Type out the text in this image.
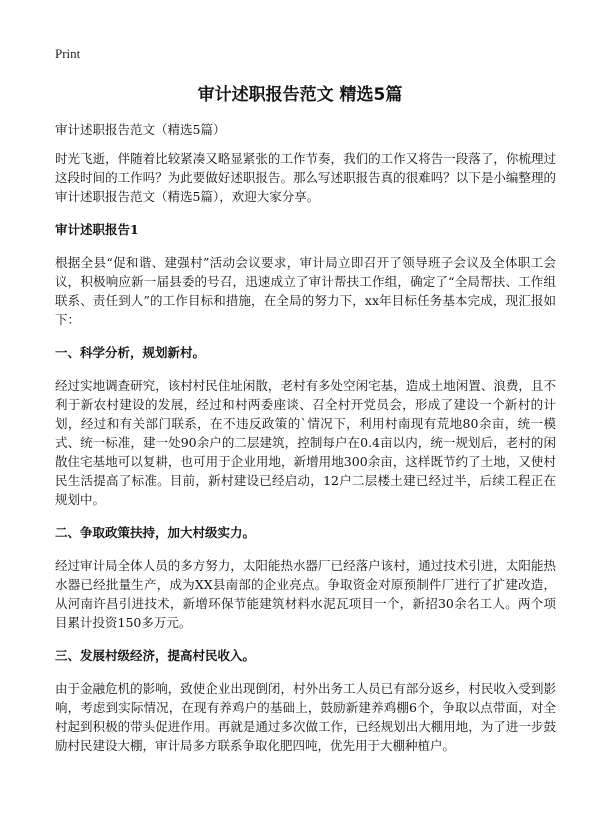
Print
审计述职报告范文 精选5篇
审计述职报告范文（精选5篇）

时光飞逝，伴随着比较紧凑又略显紧张的工作节奏，我们的工作又将告一段落了，你梳理过这段时间的工作吗？为此要做好述职报告。那么写述职报告真的很难吗？以下是小编整理的审计述职报告范文（精选5篇），欢迎大家分享。

审计述职报告1

根据全县“促和谐、建强村”活动会议要求，审计局立即召开了领导班子会议及全体职工会议，积极响应新一届县委的号召，迅速成立了审计帮扶工作组，确定了“全局帮扶、工作组联系、责任到人”的工作目标和措施，在全局的努力下，xx年目标任务基本完成，现汇报如下：

一、科学分析，规划新村。

经过实地调查研究，该村村民住址闲散，老村有多处空闲宅基，造成土地闲置、浪费，且不利于新农村建设的发展，经过和村两委座谈、召全村开党员会，形成了建设一个新村的计划，经过和有关部门联系，在不违反政策的`情况下，利用村南现有荒地80余亩，统一模式、统一标准，建一处90余户的二层建筑，控制每户在0.4亩以内，统一规划后，老村的闲散住宅基地可以复耕，也可用于企业用地，新增用地300余亩，这样既节约了土地，又使村民生活提高了标准。目前，新村建设已经启动，12户二层楼土建已经过半，后续工程正在规划中。

二、争取政策扶持，加大村级实力。

经过审计局全体人员的多方努力，太阳能热水器厂已经落户该村，通过技术引进，太阳能热水器已经批量生产，成为XX县南部的企业亮点。争取资金对原预制件厂进行了扩建改造，从河南许昌引进技术，新增环保节能建筑材料水泥瓦项目一个，新招30余名工人。两个项目累计投资150多万元。

三、发展村级经济，提高村民收入。

由于金融危机的影响，致使企业出现倒闭，村外出务工人员已有部分返乡，村民收入受到影响，考虑到实际情况，在现有养鸡户的基础上，鼓励新建养鸡棚6个，争取以点带面，对全村起到积极的带头促进作用。再就是通过多次做工作，已经规划出大棚用地，为了进一步鼓励村民建设大棚，审计局多方联系争取化肥四吨，优先用于大棚种植户。
